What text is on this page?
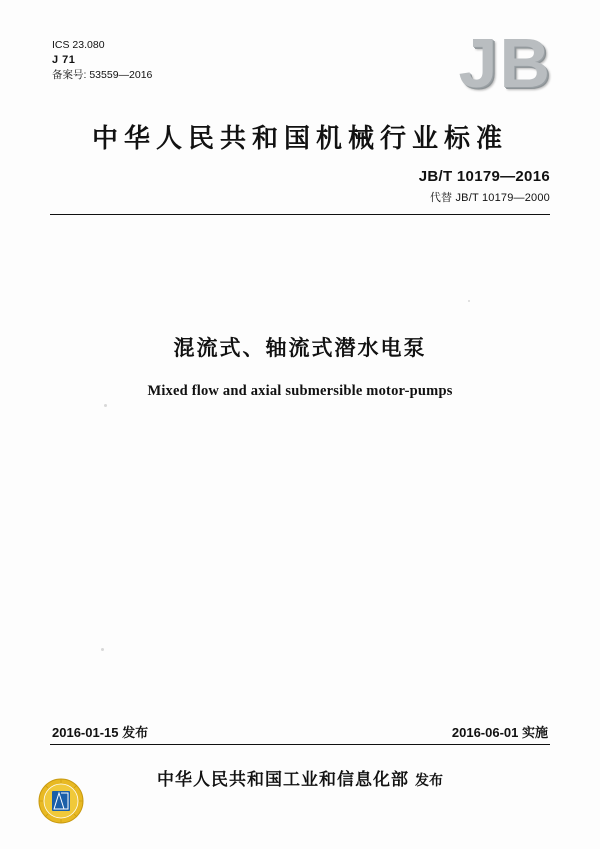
ICS 23.080
J 71
备案号: 53559—2016	JB
中华人民共和国机械行业标准
JB/T 10179—2016
代替 JB/T 10179—2000
混流式、轴流式潜水电泵
Mixed flow and axial submersible motor-pumps
2016-01-15 发布	2016-06-01 实施
中华人民共和国工业和信息化部 发布
